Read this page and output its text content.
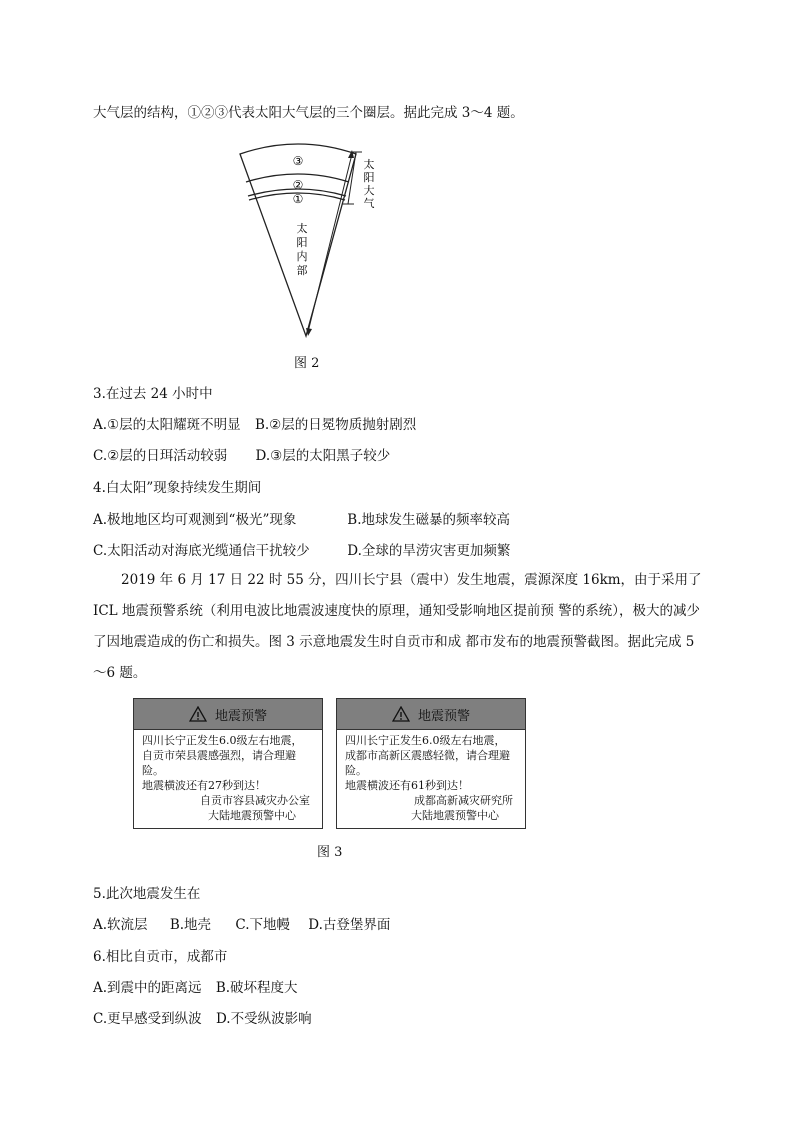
大气层的结构，①②③代表太阳大气层的三个圈层。据此完成 3～4 题。
③
②
①
太
阳
内
部
太
阳
大
气
图 2
3.在过去 24 小时中
A.①层的太阳耀斑不明显 B.②层的日冕物质抛射剧烈
C.②层的日珥活动较弱 D.③层的太阳黑子较少
4.白太阳”现象持续发生期间
A.极地地区均可观测到“极光”现象	B.地球发生磁暴的频率较高
C.太阳活动对海底光缆通信干扰较少	D.全球的旱涝灾害更加频繁
2019 年 6 月 17 日 22 时 55 分，四川长宁县（震中）发生地震，震源深度 16km，由于采用了 ICL 地震预警系统（利用电波比地震波速度快的原理，通知受影响地区提前预 警的系统），极大的减少了因地震造成的伤亡和损失。图 3 示意地震发生时自贡市和成 都市发布的地震预警截图。据此完成 5～6 题。
地震预警
四川长宁正发生6.0级左右地震，
自贡市荣县震感强烈，请合理避
险。
地震横波还有27秒到达！
自贡市容县减灾办公室
大陆地震预警中心
地震预警
四川长宁正发生6.0级左右地震，
成都市高新区震感轻微，请合理避
险。
地震横波还有61秒到达！
成都高新减灾研究所
大陆地震预警中心
图 3
5.此次地震发生在
A.软流层 B.地壳 C.下地幔 D.古登堡界面
6.相比自贡市，成都市
A.到震中的距离远 B.破坏程度大
C.更早感受到纵波 D.不受纵波影响
